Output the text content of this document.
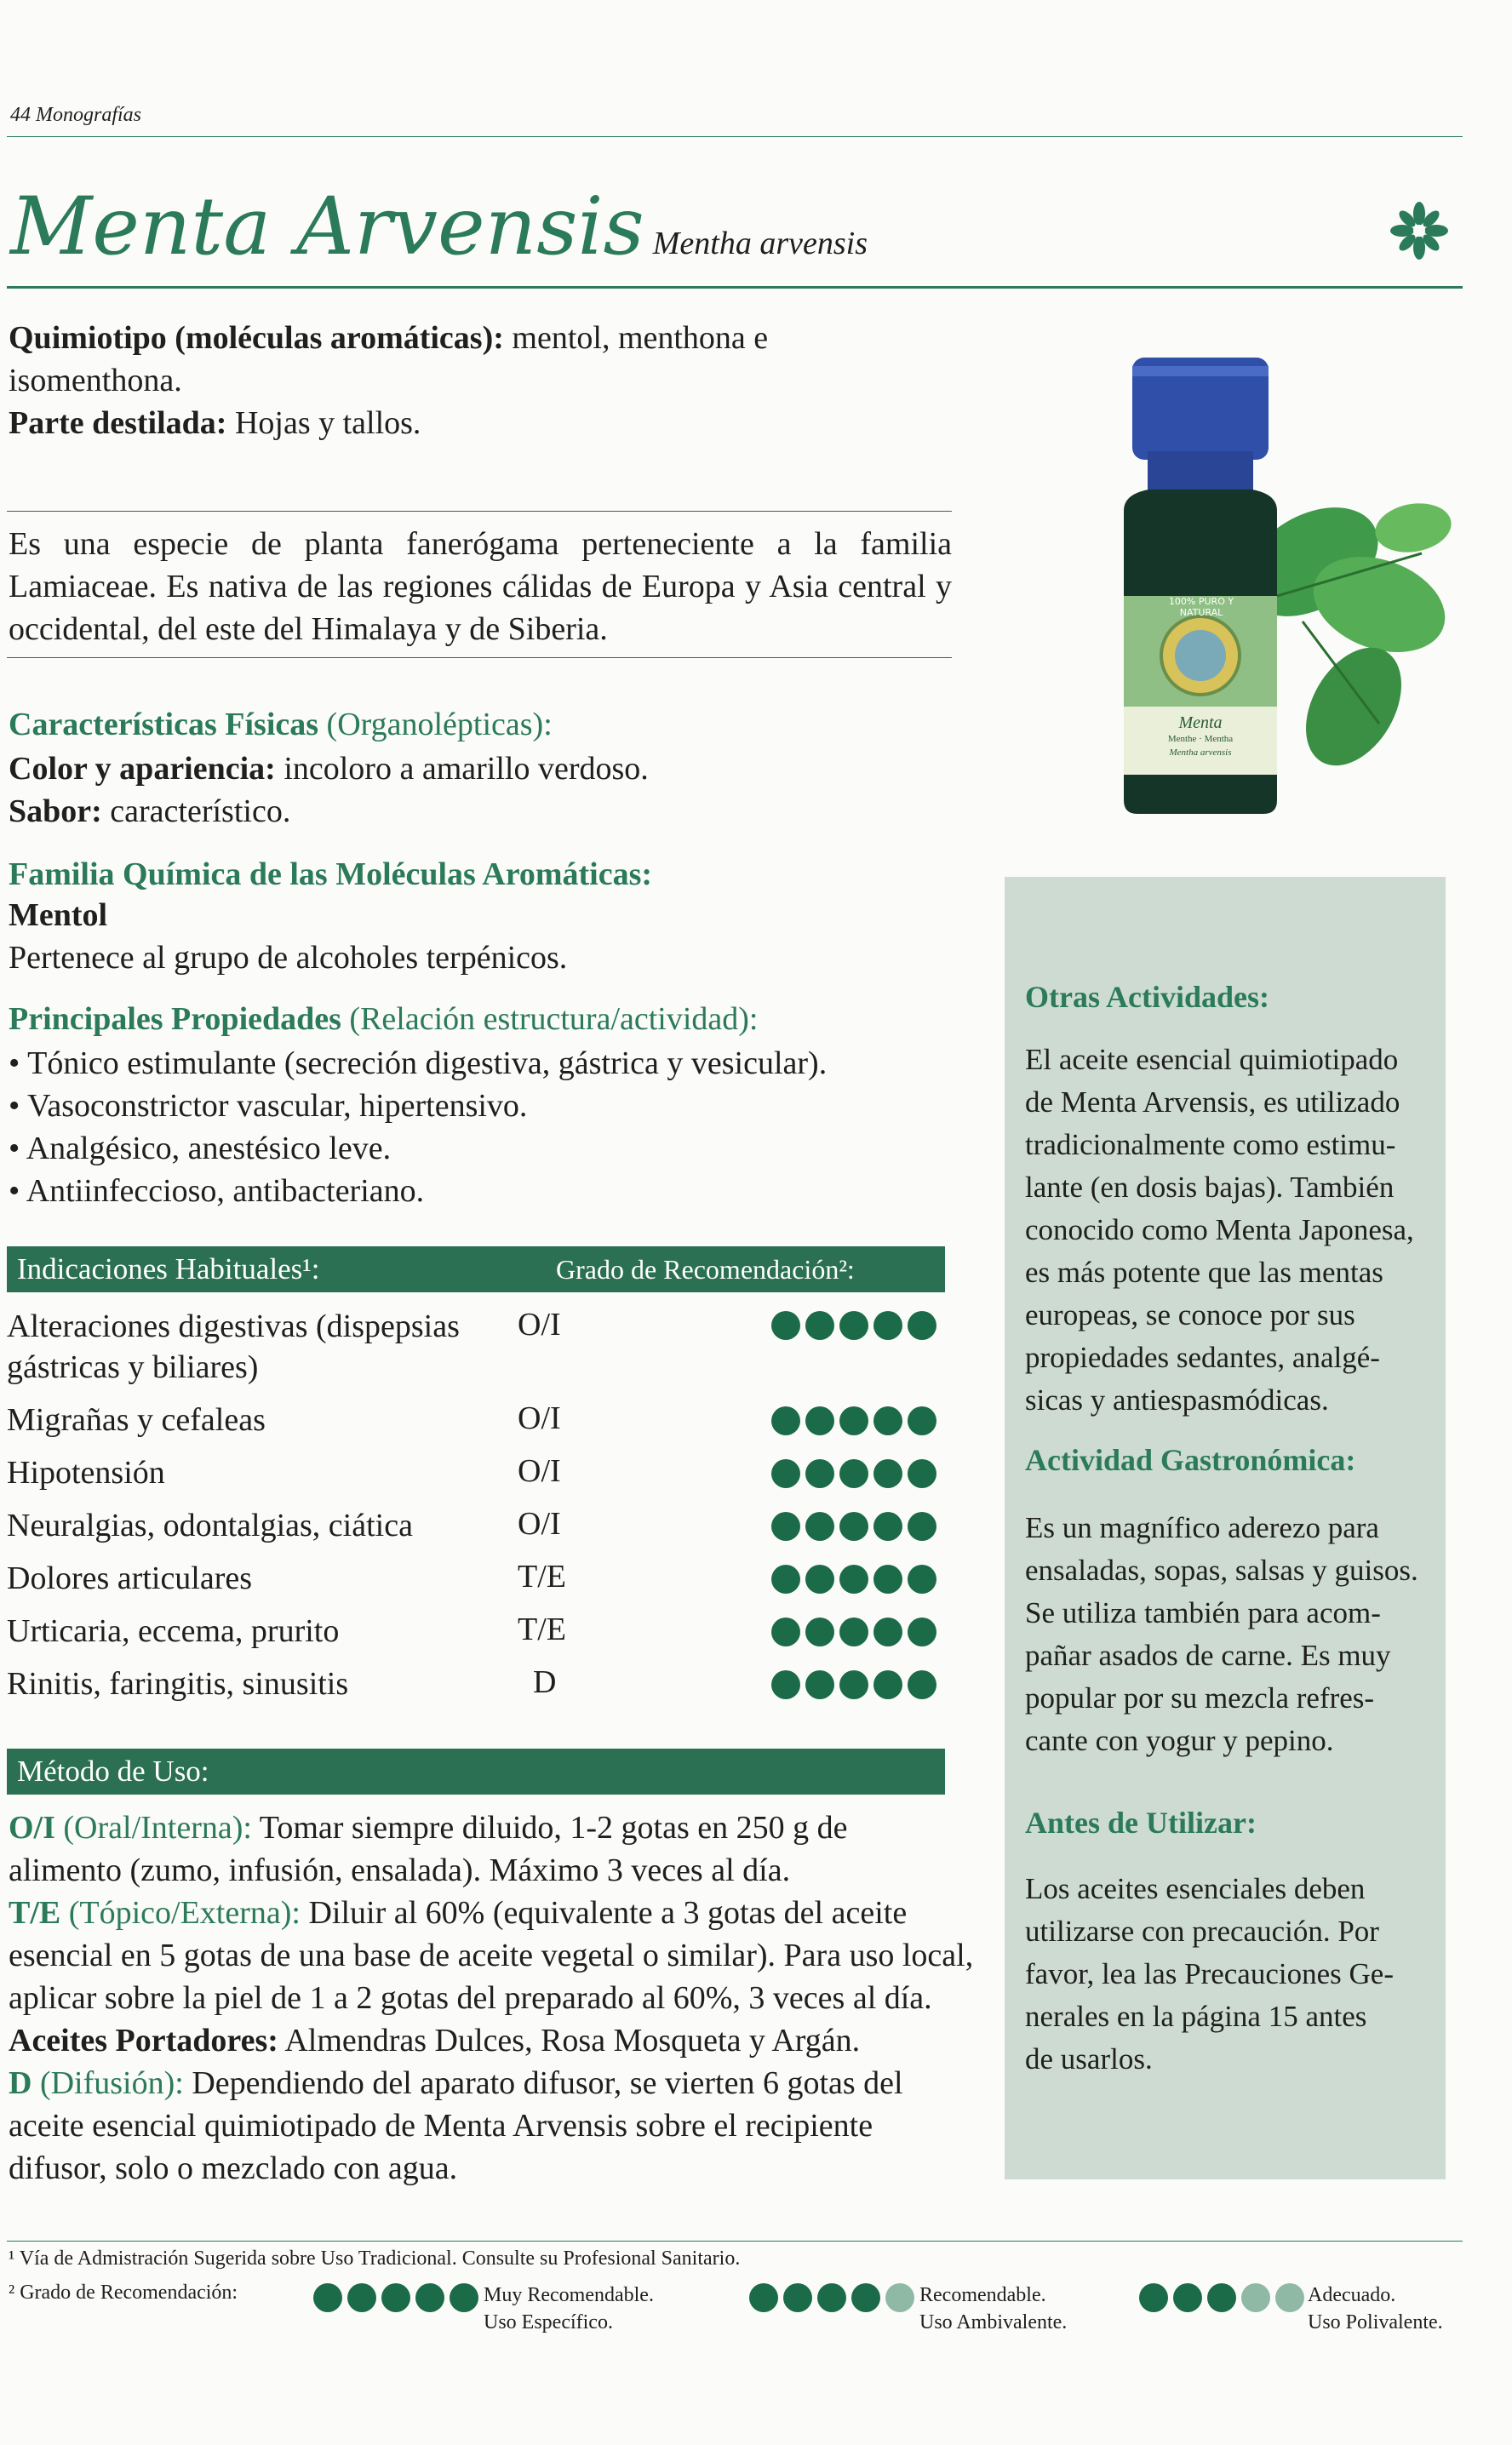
44 Monografías
Menta Arvensis Mentha arvensis
Quimiotipo (moléculas aromáticas): mentol, menthona e isomenthona.
Parte destilada: Hojas y tallos.
Es una especie de planta fanerógama perteneciente a la familia Lamiaceae. Es nativa de las regiones cálidas de Europa y Asia central y occidental, del este del Himalaya y de Siberia.
100% PURO Y NATURAL
Menta
Menthe · Mentha
Mentha arvensis
Características Físicas (Organolépticas):
Color y apariencia: incoloro a amarillo verdoso.
Sabor: característico.
Familia Química de las Moléculas Aromáticas:
Mentol
Pertenece al grupo de alcoholes terpénicos.
Principales Propiedades (Relación estructura/actividad):
• Tónico estimulante (secreción digestiva, gástrica y vesicular).
• Vasoconstrictor vascular, hipertensivo.
• Analgésico, anestésico leve.
• Antiinfeccioso, antibacteriano.
Indicaciones Habituales¹:	Grado de Recomendación²:
Alteraciones digestivas (dispepsias
gástricas y biliares)
O/I
Migrañas y cefaleas	O/I
Hipotensión	O/I
Neuralgias, odontalgias, ciática	O/I
Dolores articulares	T/E
Urticaria, eccema, prurito	T/E
Rinitis, faringitis, sinusitis	D
Método de Uso:
O/I (Oral/Interna): Tomar siempre diluido, 1-2 gotas en 250 g de
alimento (zumo, infusión, ensalada). Máximo 3 veces al día.
T/E (Tópico/Externa): Diluir al 60% (equivalente a 3 gotas del aceite
esencial en 5 gotas de una base de aceite vegetal o similar). Para uso local,
aplicar sobre la piel de 1 a 2 gotas del preparado al 60%, 3 veces al día.
Aceites Portadores: Almendras Dulces, Rosa Mosqueta y Argán.
D (Difusión): Dependiendo del aparato difusor, se vierten 6 gotas del
aceite esencial quimiotipado de Menta Arvensis sobre el recipiente
difusor, solo o mezclado con agua.
Otras Actividades:
El aceite esencial quimiotipado
de Menta Arvensis, es utilizado
tradicionalmente como estimu-
lante (en dosis bajas). También
conocido como Menta Japonesa,
es más potente que las mentas
europeas, se conoce por sus
propiedades sedantes, analgé-
sicas y antiespasmódicas.
Actividad Gastronómica:
Es un magnífico aderezo para
ensaladas, sopas, salsas y guisos.
Se utiliza también para acom-
pañar asados de carne. Es muy
popular por su mezcla refres-
cante con yogur y pepino.
Antes de Utilizar:
Los aceites esenciales deben
utilizarse con precaución. Por
favor, lea las Precauciones Ge-
nerales en la página 15 antes
de usarlos.
¹ Vía de Admistración Sugerida sobre Uso Tradicional. Consulte su Profesional Sanitario.
² Grado de Recomendación:	Muy Recomendable.
Uso Específico.
Recomendable.
Uso Ambivalente.
Adecuado.
Uso Polivalente.
